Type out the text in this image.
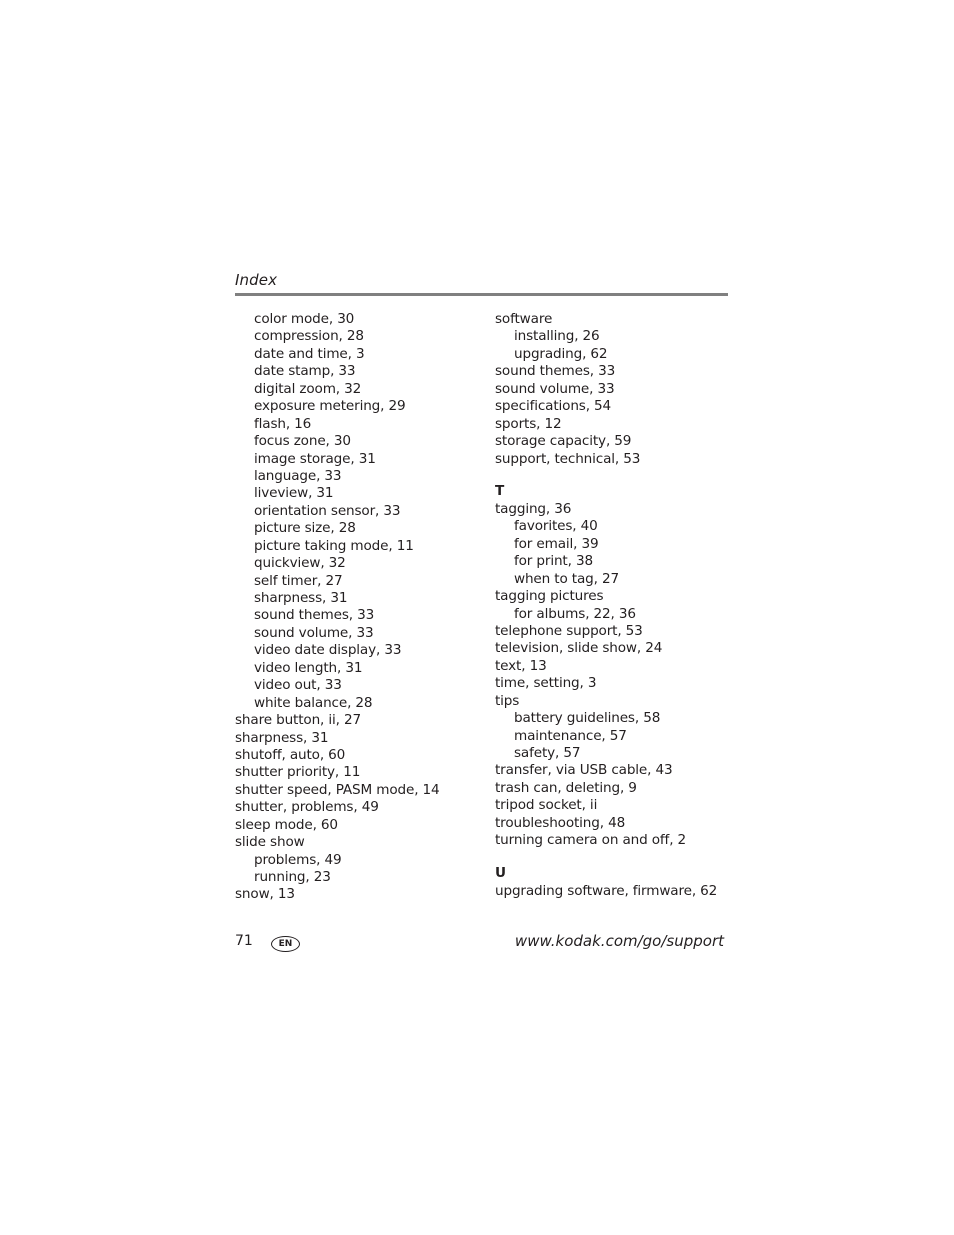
Index
color mode, 30
compression, 28
date and time, 3
date stamp, 33
digital zoom, 32
exposure metering, 29
flash, 16
focus zone, 30
image storage, 31
language, 33
liveview, 31
orientation sensor, 33
picture size, 28
picture taking mode, 11
quickview, 32
self timer, 27
sharpness, 31
sound themes, 33
sound volume, 33
video date display, 33
video length, 31
video out, 33
white balance, 28
share button, ii, 27
sharpness, 31
shutoff, auto, 60
shutter priority, 11
shutter speed, PASM mode, 14
shutter, problems, 49
sleep mode, 60
slide show
problems, 49
running, 23
snow, 13
software
installing, 26
upgrading, 62
sound themes, 33
sound volume, 33
specifications, 54
sports, 12
storage capacity, 59
support, technical, 53
T
tagging, 36
favorites, 40
for email, 39
for print, 38
when to tag, 27
tagging pictures
for albums, 22, 36
telephone support, 53
television, slide show, 24
text, 13
time, setting, 3
tips
battery guidelines, 58
maintenance, 57
safety, 57
transfer, via USB cable, 43
trash can, deleting, 9
tripod socket, ii
troubleshooting, 48
turning camera on and off, 2
U
upgrading software, firmware, 62
71	EN	www.kodak.com/go/support
